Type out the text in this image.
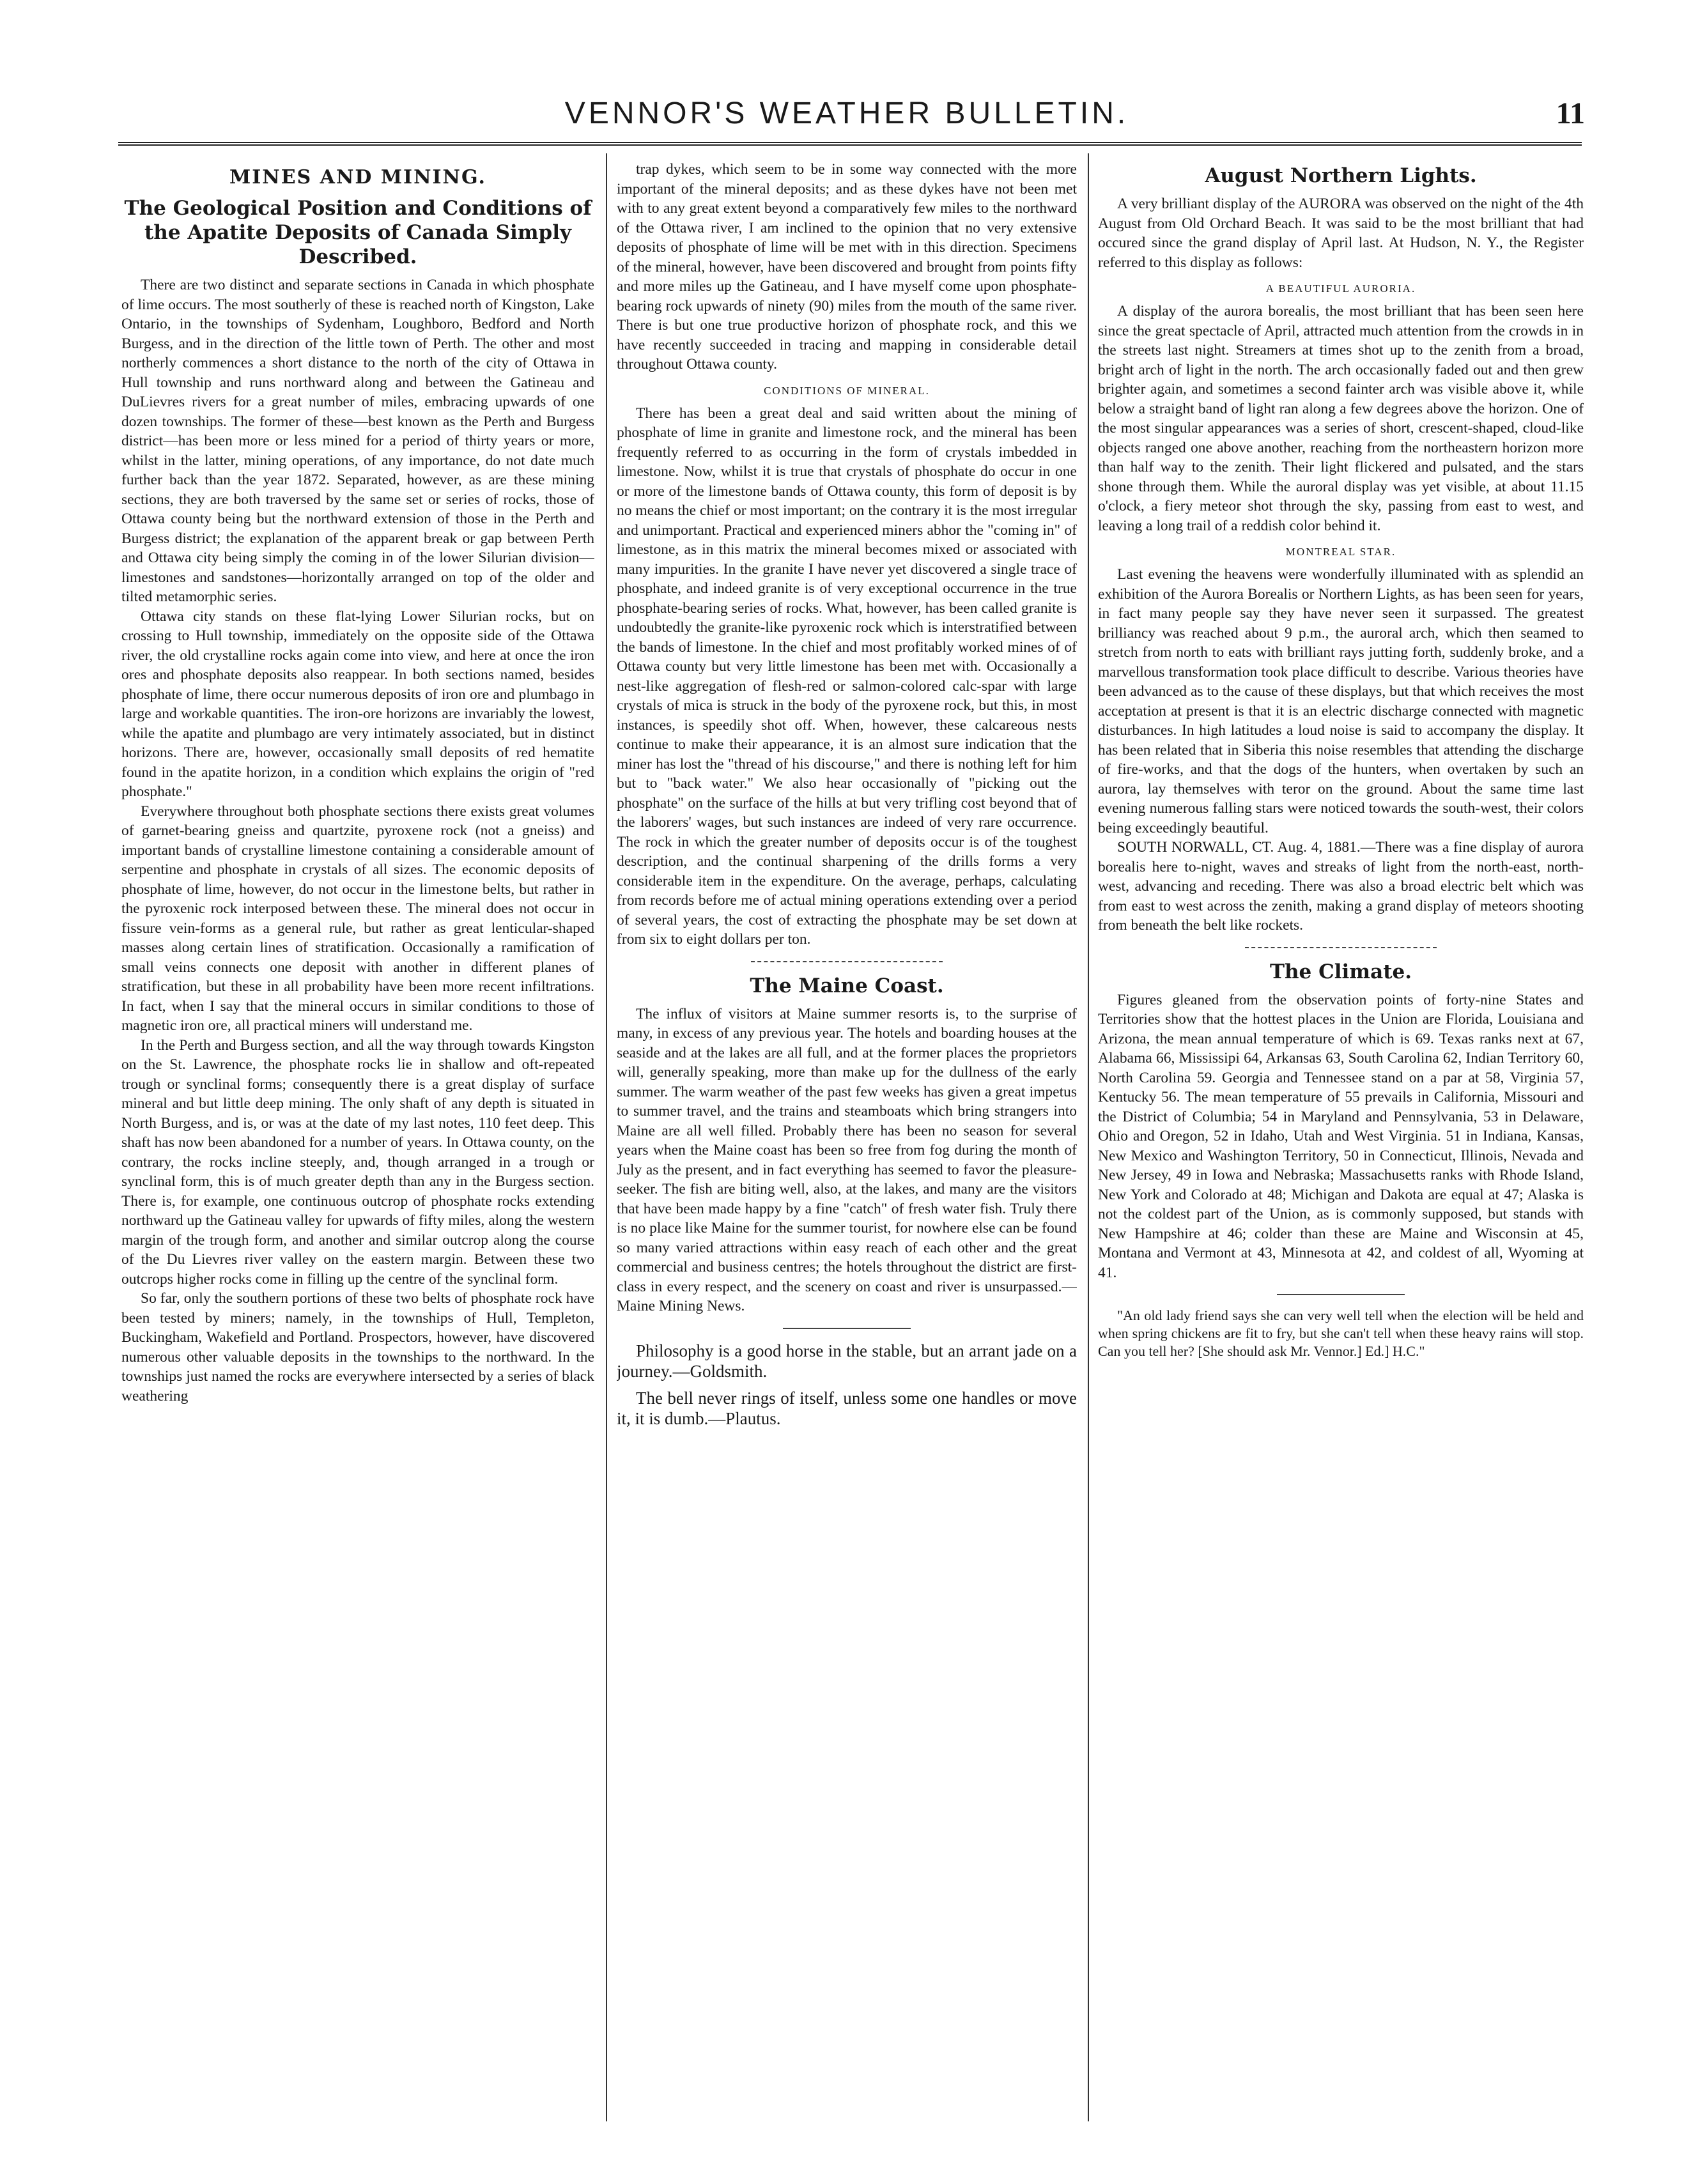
VENNOR'S WEATHER BULLETIN.	11
MINES AND MINING.
The Geological Position and Conditions of the Apatite Deposits of Canada Simply Described.

There are two distinct and separate sections in Canada in which phosphate of lime occurs. The most southerly of these is reached north of Kingston, Lake Ontario, in the townships of Sydenham, Loughboro, Bedford and North Burgess, and in the direction of the little town of Perth. The other and most northerly commences a short distance to the north of the city of Ottawa in Hull township and runs northward along and between the Gatineau and DuLievres rivers for a great number of miles, embracing upwards of one dozen townships. The former of these—best known as the Perth and Burgess district—has been more or less mined for a period of thirty years or more, whilst in the latter, mining operations, of any importance, do not date much further back than the year 1872. Separated, however, as are these mining sections, they are both traversed by the same set or series of rocks, those of Ottawa county being but the northward extension of those in the Perth and Burgess district; the explanation of the apparent break or gap between Perth and Ottawa city being simply the coming in of the lower Silurian division—limestones and sandstones—horizontally arranged on top of the older and tilted metamorphic series.

Ottawa city stands on these flat-lying Lower Silurian rocks, but on crossing to Hull township, immediately on the opposite side of the Ottawa river, the old crystalline rocks again come into view, and here at once the iron ores and phosphate deposits also reappear. In both sections named, besides phosphate of lime, there occur numerous deposits of iron ore and plumbago in large and workable quantities. The iron-ore horizons are invariably the lowest, while the apatite and plumbago are very intimately associated, but in distinct horizons. There are, however, occasionally small deposits of red hematite found in the apatite horizon, in a condition which explains the origin of "red phosphate."

Everywhere throughout both phosphate sections there exists great volumes of garnet-bearing gneiss and quartzite, pyroxene rock (not a gneiss) and important bands of crystalline limestone containing a considerable amount of serpentine and phosphate in crystals of all sizes. The economic deposits of phosphate of lime, however, do not occur in the limestone belts, but rather in the pyroxenic rock interposed between these. The mineral does not occur in fissure vein-forms as a general rule, but rather as great lenticular-shaped masses along certain lines of stratification. Occasionally a ramification of small veins connects one deposit with another in different planes of stratification, but these in all probability have been more recent infiltrations. In fact, when I say that the mineral occurs in similar conditions to those of magnetic iron ore, all practical miners will understand me.

In the Perth and Burgess section, and all the way through towards Kingston on the St. Lawrence, the phosphate rocks lie in shallow and oft-repeated trough or synclinal forms; consequently there is a great display of surface mineral and but little deep mining. The only shaft of any depth is situated in North Burgess, and is, or was at the date of my last notes, 110 feet deep. This shaft has now been abandoned for a number of years. In Ottawa county, on the contrary, the rocks incline steeply, and, though arranged in a trough or synclinal form, this is of much greater depth than any in the Burgess section. There is, for example, one continuous outcrop of phosphate rocks extending northward up the Gatineau valley for upwards of fifty miles, along the western margin of the trough form, and another and similar outcrop along the course of the Du Lievres river valley on the eastern margin. Between these two outcrops higher rocks come in filling up the centre of the synclinal form.

So far, only the southern portions of these two belts of phosphate rock have been tested by miners; namely, in the townships of Hull, Templeton, Buckingham, Wakefield and Portland. Prospectors, however, have discovered numerous other valuable deposits in the townships to the northward. In the townships just named the rocks are everywhere intersected by a series of black weathering

trap dykes, which seem to be in some way connected with the more important of the mineral deposits; and as these dykes have not been met with to any great extent beyond a comparatively few miles to the northward of the Ottawa river, I am inclined to the opinion that no very extensive deposits of phosphate of lime will be met with in this direction. Specimens of the mineral, however, have been discovered and brought from points fifty and more miles up the Gatineau, and I have myself come upon phosphate-bearing rock upwards of ninety (90) miles from the mouth of the same river. There is but one true productive horizon of phosphate rock, and this we have recently succeeded in tracing and mapping in considerable detail throughout Ottawa county.

CONDITIONS OF MINERAL.

There has been a great deal and said written about the mining of phosphate of lime in granite and limestone rock, and the mineral has been frequently referred to as occurring in the form of crystals imbedded in limestone. Now, whilst it is true that crystals of phosphate do occur in one or more of the limestone bands of Ottawa county, this form of deposit is by no means the chief or most important; on the contrary it is the most irregular and unimportant. Practical and experienced miners abhor the "coming in" of limestone, as in this matrix the mineral becomes mixed or associated with many impurities. In the granite I have never yet discovered a single trace of phosphate, and indeed granite is of very exceptional occurrence in the true phosphate-bearing series of rocks. What, however, has been called granite is undoubtedly the granite-like pyroxenic rock which is interstratified between the bands of limestone. In the chief and most profitably worked mines of of Ottawa county but very little limestone has been met with. Occasionally a nest-like aggregation of flesh-red or salmon-colored calc-spar with large crystals of mica is struck in the body of the pyroxene rock, but this, in most instances, is speedily shot off. When, however, these calcareous nests continue to make their appearance, it is an almost sure indication that the miner has lost the "thread of his discourse," and there is nothing left for him but to "back water." We also hear occasionally of "picking out the phosphate" on the surface of the hills at but very trifling cost beyond that of the laborers' wages, but such instances are indeed of very rare occurrence. The rock in which the greater number of deposits occur is of the toughest description, and the continual sharpening of the drills forms a very considerable item in the expenditure. On the average, perhaps, calculating from records before me of actual mining operations extending over a period of several years, the cost of extracting the phosphate may be set down at from six to eight dollars per ton.

The Maine Coast.

The influx of visitors at Maine summer resorts is, to the surprise of many, in excess of any previous year. The hotels and boarding houses at the seaside and at the lakes are all full, and at the former places the proprietors will, generally speaking, more than make up for the dullness of the early summer. The warm weather of the past few weeks has given a great impetus to summer travel, and the trains and steamboats which bring strangers into Maine are all well filled. Probably there has been no season for several years when the Maine coast has been so free from fog during the month of July as the present, and in fact everything has seemed to favor the pleasure-seeker. The fish are biting well, also, at the lakes, and many are the visitors that have been made happy by a fine "catch" of fresh water fish. Truly there is no place like Maine for the summer tourist, for nowhere else can be found so many varied attractions within easy reach of each other and the great commercial and business centres; the hotels throughout the district are first-class in every respect, and the scenery on coast and river is unsurpassed.—Maine Mining News.

Philosophy is a good horse in the stable, but an arrant jade on a journey.—Goldsmith.

The bell never rings of itself, unless some one handles or move it, it is dumb.—Plautus.

August Northern Lights.

A very brilliant display of the AURORA was observed on the night of the 4th August from Old Orchard Beach. It was said to be the most brilliant that had occured since the grand display of April last. At Hudson, N. Y., the Register referred to this display as follows:

A BEAUTIFUL AURORIA.

A display of the aurora borealis, the most brilliant that has been seen here since the great spectacle of April, attracted much attention from the crowds in in the streets last night. Streamers at times shot up to the zenith from a broad, bright arch of light in the north. The arch occasionally faded out and then grew brighter again, and sometimes a second fainter arch was visible above it, while below a straight band of light ran along a few degrees above the horizon. One of the most singular appearances was a series of short, crescent-shaped, cloud-like objects ranged one above another, reaching from the northeastern horizon more than half way to the zenith. Their light flickered and pulsated, and the stars shone through them. While the auroral display was yet visible, at about 11.15 o'clock, a fiery meteor shot through the sky, passing from east to west, and leaving a long trail of a reddish color behind it.

MONTREAL STAR.

Last evening the heavens were wonderfully illuminated with as splendid an exhibition of the Aurora Borealis or Northern Lights, as has been seen for years, in fact many people say they have never seen it surpassed. The greatest brilliancy was reached about 9 p.m., the auroral arch, which then seamed to stretch from north to eats with brilliant rays jutting forth, suddenly broke, and a marvellous transformation took place difficult to describe. Various theories have been advanced as to the cause of these displays, but that which receives the most acceptation at present is that it is an electric discharge connected with magnetic disturbances. In high latitudes a loud noise is said to accompany the display. It has been related that in Siberia this noise resembles that attending the discharge of fire-works, and that the dogs of the hunters, when overtaken by such an aurora, lay themselves with teror on the ground. About the same time last evening numerous falling stars were noticed towards the south-west, their colors being exceedingly beautiful.

SOUTH NORWALL, CT. Aug. 4, 1881.—There was a fine display of aurora borealis here to-night, waves and streaks of light from the north-east, north-west, advancing and receding. There was also a broad electric belt which was from east to west across the zenith, making a grand display of meteors shooting from beneath the belt like rockets.

The Climate.

Figures gleaned from the observation points of forty-nine States and Territories show that the hottest places in the Union are Florida, Louisiana and Arizona, the mean annual temperature of which is 69. Texas ranks next at 67, Alabama 66, Mississipi 64, Arkansas 63, South Carolina 62, Indian Territory 60, North Carolina 59. Georgia and Tennessee stand on a par at 58, Virginia 57, Kentucky 56. The mean temperature of 55 prevails in California, Missouri and the District of Columbia; 54 in Maryland and Pennsylvania, 53 in Delaware, Ohio and Oregon, 52 in Idaho, Utah and West Virginia. 51 in Indiana, Kansas, New Mexico and Washington Territory, 50 in Connecticut, Illinois, Nevada and New Jersey, 49 in Iowa and Nebraska; Massachusetts ranks with Rhode Island, New York and Colorado at 48; Michigan and Dakota are equal at 47; Alaska is not the coldest part of the Union, as is commonly supposed, but stands with New Hampshire at 46; colder than these are Maine and Wisconsin at 45, Montana and Vermont at 43, Minnesota at 42, and coldest of all, Wyoming at 41.

"An old lady friend says she can very well tell when the election will be held and when spring chickens are fit to fry, but she can't tell when these heavy rains will stop. Can you tell her? [She should ask Mr. Vennor.] Ed.] H.C."
